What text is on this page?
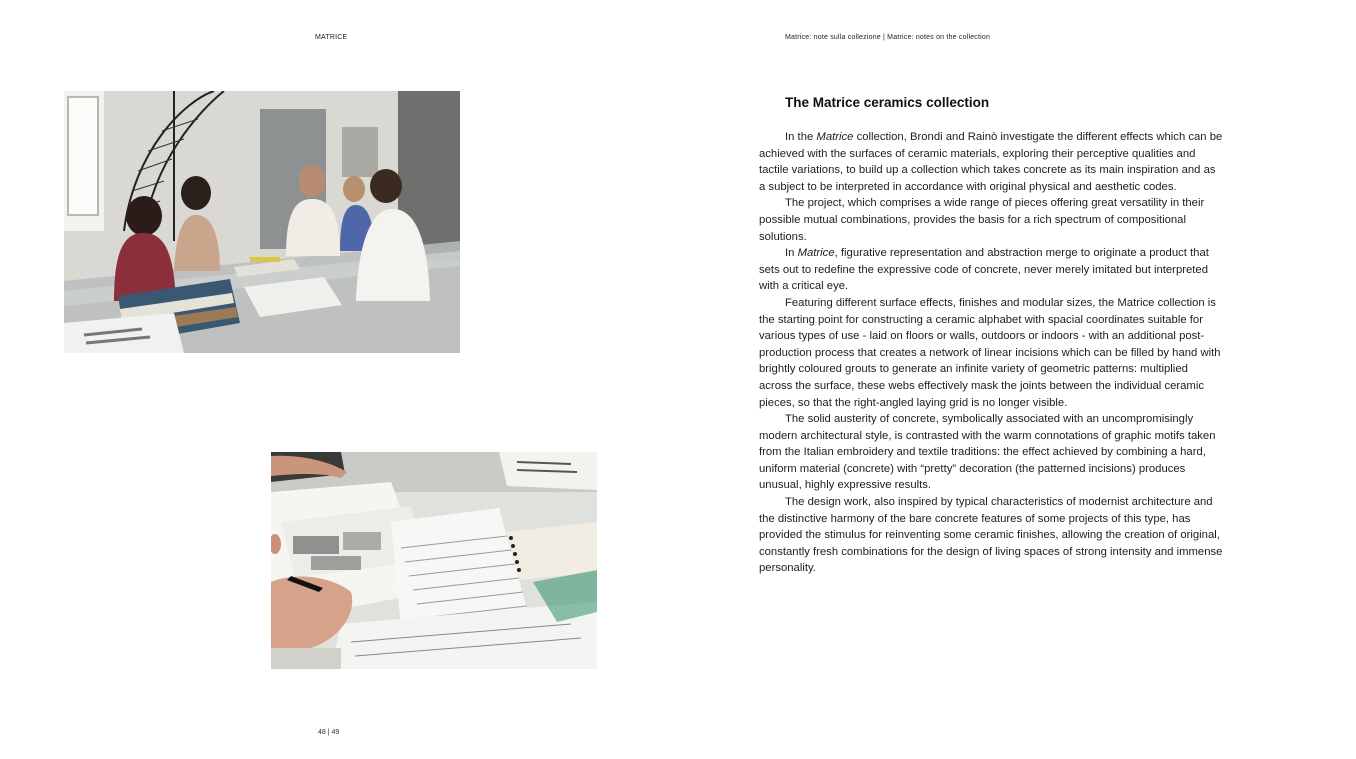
MATRICE	Matrice: note sulla collezione | Matrice: notes on the collection
The Matrice ceramics collection

In the Matrice collection, Brondi and Rainò investigate the different effects which can be achieved with the surfaces of ceramic materials, exploring their perceptive qualities and tactile variations, to build up a collection which takes concrete as its main inspiration and as a subject to be interpreted in accordance with original physical and aesthetic codes.

The project, which comprises a wide range of pieces offering great versatility in their possible mutual combinations, provides the basis for a rich spectrum of compositional solutions.

In Matrice, figurative representation and abstraction merge to originate a product that sets out to redefine the expressive code of concrete, never merely imitated but interpreted with a critical eye.

Featuring different surface effects, finishes and modular sizes, the Matrice collection is the starting point for constructing a ceramic alphabet with spacial coordinates suitable for various types of use - laid on floors or walls, outdoors or indoors - with an additional post-production process that creates a network of linear incisions which can be filled by hand with brightly coloured grouts to generate an infinite variety of geometric patterns: multiplied across the surface, these webs effectively mask the joints between the individual ceramic pieces, so that the right-angled laying grid is no longer visible.

The solid austerity of concrete, symbolically associated with an uncompromisingly modern architectural style, is contrasted with the warm connotations of graphic motifs taken from the Italian embroidery and textile traditions: the effect achieved by combining a hard, uniform material (concrete) with “pretty” decoration (the patterned incisions) produces unusual, highly expressive results.

The design work, also inspired by typical characteristics of modernist architecture and the distinctive harmony of the bare concrete features of some projects of this type, has provided the stimulus for reinventing some ceramic finishes, allowing the creation of original, constantly fresh combinations for the design of living spaces of strong intensity and immense personality.

48 | 49
